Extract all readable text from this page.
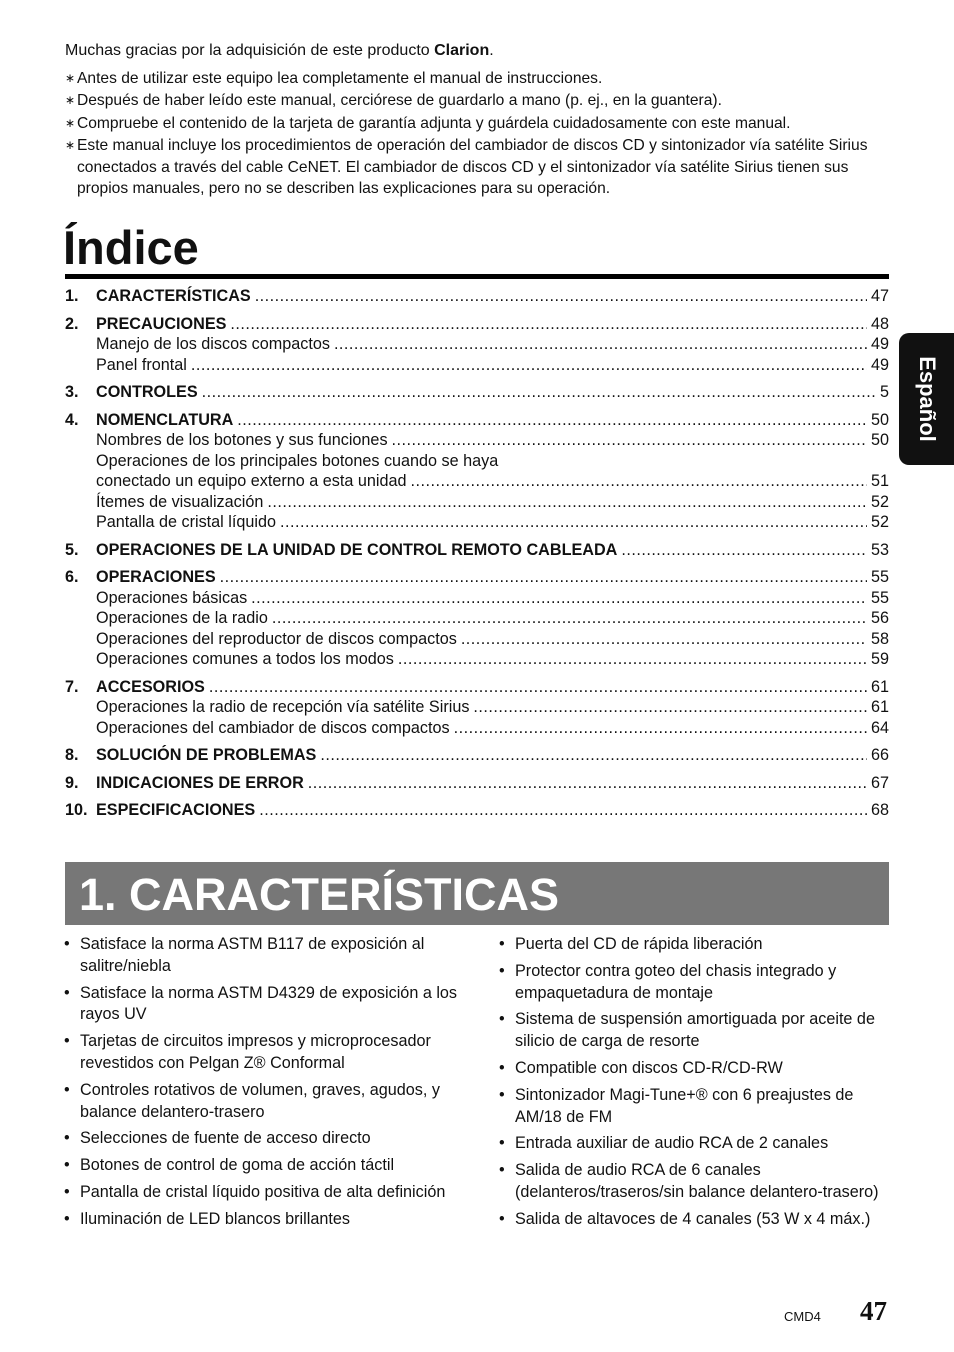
Muchas gracias por la adquisición de este producto Clarion.

∗ Antes de utilizar este equipo lea completamente el manual de instrucciones.
∗ Después de haber leído este manual, cerciórese de guardarlo a mano (p. ej., en la guantera).
∗ Compruebe el contenido de la tarjeta de garantía adjunta y guárdela cuidadosamente con este manual.
∗ Este manual incluye los procedimientos de operación del cambiador de discos CD y sintonizador vía satélite Sirius conectados a través del cable CeNET. El cambiador de discos CD y el sintonizador vía satélite Sirius tienen sus propios manuales, pero no se describen las explicaciones para su operación.
Índice
1.	CARACTERÍSTICAS .....	47
2.	PRECAUCIONES .....	48
Manejo de los discos compactos .....	49
Panel frontal .....	49
3.	CONTROLES .....	5
4.	NOMENCLATURA .....	50
Nombres de los botones y sus funciones .....	50
Operaciones de los principales botones cuando se haya
conectado un equipo externo a esta unidad .....	51
Ítemes de visualización .....	52
Pantalla de cristal líquido .....	52
5.	OPERACIONES DE LA UNIDAD DE CONTROL REMOTO CABLEADA .....	53
6.	OPERACIONES .....	55
Operaciones básicas .....	55
Operaciones de la radio .....	56
Operaciones del reproductor de discos compactos .....	58
Operaciones comunes a todos los modos .....	59
7.	ACCESORIOS .....	61
Operaciones la radio de recepción vía satélite Sirius .....	61
Operaciones del cambiador de discos compactos .....	64
8.	SOLUCIÓN DE PROBLEMAS .....	66
9.	INDICACIONES DE ERROR .....	67
10. ESPECIFICACIONES .....	68
Español
1. CARACTERÍSTICAS
• Satisface la norma ASTM B117 de exposición al salitre/niebla
• Satisface la norma ASTM D4329 de exposición a los rayos UV
• Tarjetas de circuitos impresos y microprocesador revestidos con Pelgan Z® Conformal
• Controles rotativos de volumen, graves, agudos, y balance delantero-trasero
• Selecciones de fuente de acceso directo
• Botones de control de goma de acción táctil
• Pantalla de cristal líquido positiva de alta definición
• Iluminación de LED blancos brillantes
• Puerta del CD de rápida liberación
• Protector contra goteo del chasis integrado y empaquetadura de montaje
• Sistema de suspensión amortiguada por aceite de silicio de carga de resorte
• Compatible con discos CD-R/CD-RW
• Sintonizador Magi-Tune+® con 6 preajustes de AM/18 de FM
• Entrada auxiliar de audio RCA de 2 canales
• Salida de audio RCA de 6 canales (delanteros/traseros/sin balance delantero-trasero)
• Salida de altavoces de 4 canales (53 W x 4 máx.)
CMD4 47
